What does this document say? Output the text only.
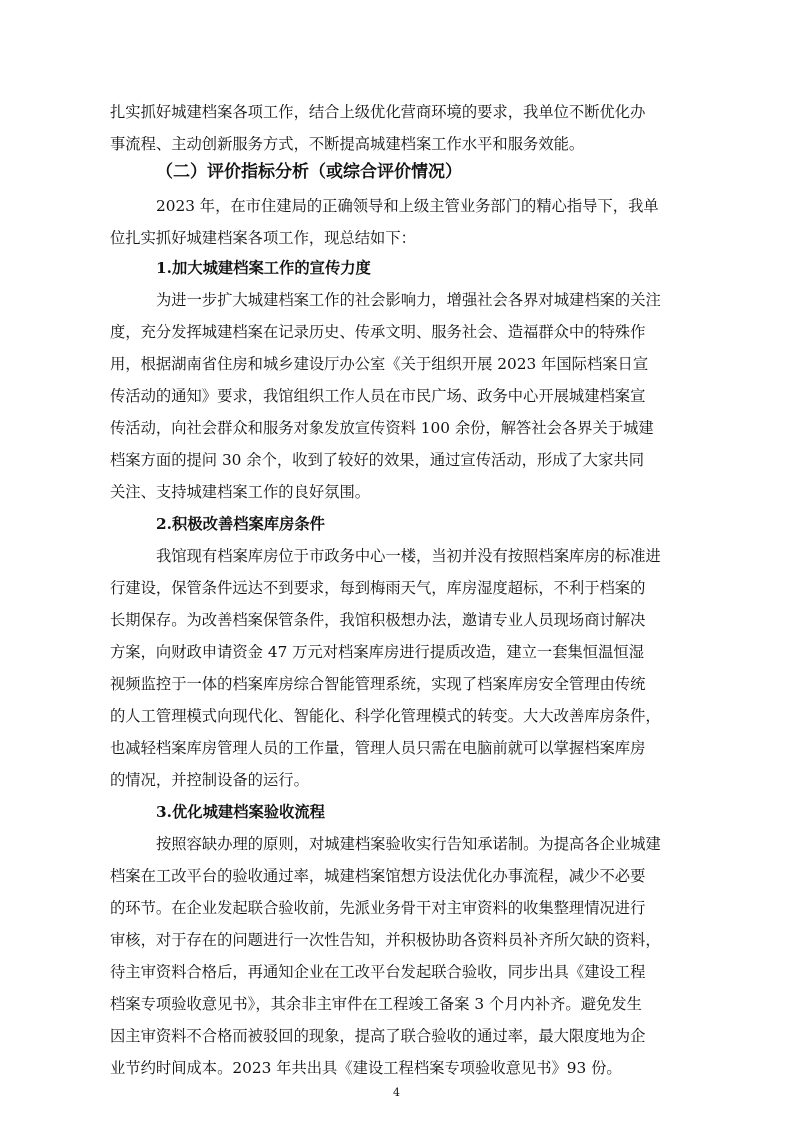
扎实抓好城建档案各项工作，结合上级优化营商环境的要求，我单位不断优化办
事流程、主动创新服务方式，不断提高城建档案工作水平和服务效能。
（二）评价指标分析（或综合评价情况）
2023 年，在市住建局的正确领导和上级主管业务部门的精心指导下，我单
位扎实抓好城建档案各项工作，现总结如下：
1.加大城建档案工作的宣传力度
为进一步扩大城建档案工作的社会影响力，增强社会各界对城建档案的关注
度，充分发挥城建档案在记录历史、传承文明、服务社会、造福群众中的特殊作
用，根据湖南省住房和城乡建设厅办公室《关于组织开展 2023 年国际档案日宣
传活动的通知》要求，我馆组织工作人员在市民广场、政务中心开展城建档案宣
传活动，向社会群众和服务对象发放宣传资料 100 余份，解答社会各界关于城建
档案方面的提问 30 余个，收到了较好的效果，通过宣传活动，形成了大家共同
关注、支持城建档案工作的良好氛围。
2.积极改善档案库房条件
我馆现有档案库房位于市政务中心一楼，当初并没有按照档案库房的标准进
行建设，保管条件远达不到要求，每到梅雨天气，库房湿度超标，不利于档案的
长期保存。为改善档案保管条件，我馆积极想办法，邀请专业人员现场商讨解决
方案，向财政申请资金 47 万元对档案库房进行提质改造，建立一套集恒温恒湿
视频监控于一体的档案库房综合智能管理系统，实现了档案库房安全管理由传统
的人工管理模式向现代化、智能化、科学化管理模式的转变。大大改善库房条件，
也减轻档案库房管理人员的工作量，管理人员只需在电脑前就可以掌握档案库房
的情况，并控制设备的运行。
3.优化城建档案验收流程
按照容缺办理的原则，对城建档案验收实行告知承诺制。为提高各企业城建
档案在工改平台的验收通过率，城建档案馆想方设法优化办事流程，减少不必要
的环节。在企业发起联合验收前，先派业务骨干对主审资料的收集整理情况进行
审核，对于存在的问题进行一次性告知，并积极协助各资料员补齐所欠缺的资料，
待主审资料合格后，再通知企业在工改平台发起联合验收，同步出具《建设工程
档案专项验收意见书》，其余非主审件在工程竣工备案 3 个月内补齐。避免发生
因主审资料不合格而被驳回的现象，提高了联合验收的通过率，最大限度地为企
业节约时间成本。2023 年共出具《建设工程档案专项验收意见书》93 份。
4
